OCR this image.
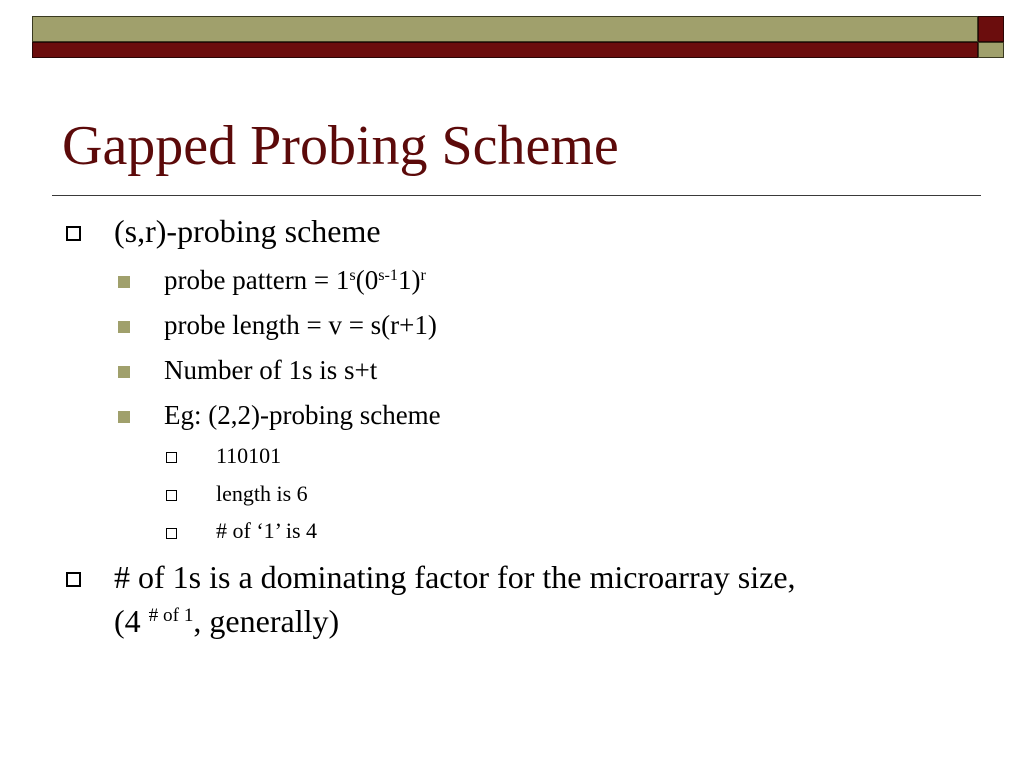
Gapped Probing Scheme
(s,r)-probing scheme
probe pattern = $1^s(0^{s-1}1)^r$
probe length = v = s(r+1)
Number of 1s is s+t
Eg: (2,2)-probing scheme
110101
length is 6
# of ‘1’ is 4
# of 1s is a dominating factor for the microarray size,
(4 $^{\# of 1}$, generally)
